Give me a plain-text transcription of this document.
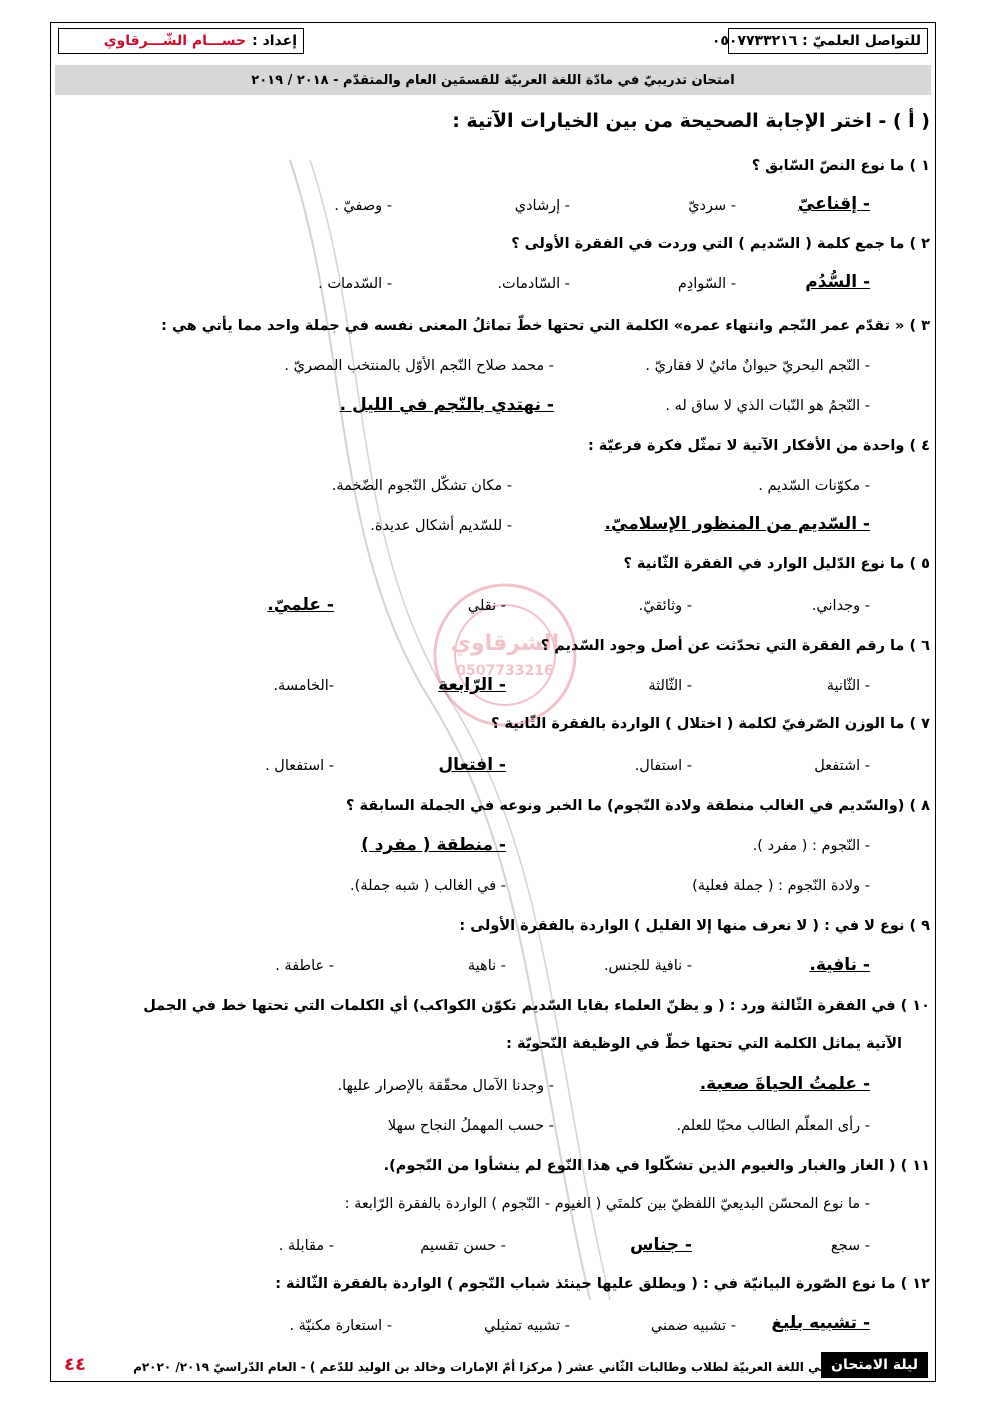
للتواصل العلميّ : ٠٥٠٧٧٣٣٢١٦
إعداد :
حســـام الشّـــرقاوي
امتحان تدريبيّ في مادّة اللغة العربيّة للقسمَين العام والمتقدّم - ٢٠١٨ / ٢٠١٩
( أ ) - اختر الإجابة الصحيحة من بين الخيارات الآتية :
الشرقاوي
0507733216
١ ) ما نوع النصّ السّابق ؟
- إقناعيّ
- سرديّ
- إرشادي
- وصفيّ .
٢ ) ما جمع كلمة ( السّديم ) التي وردت في الفقرة الأولى ؟
- السُّدُم
- السّوادِم
- السّادمات.
- السّدمات .
٣ ) « تقدّم عمر النّجم وانتهاء عمره» الكلمة التي تحتها خطّ تماثلُ المعنى نفسه في جملة واحد مما يأتي هي :
- النّجم البحريّ حيوانٌ مائيٌ لا فقاريّ .
- محمد صلاح النّجم الأوّل بالمنتخب المصريّ .
- النّجمُ هو النّبات الذي لا ساق له .
- نهتدي بالنّجم في الليل .
٤ ) واحدة من الأفكار الآتية لا تمثّل فكرة فرعيّة :
- مكوّنات السّديم .
- مكان تشكّل النّجوم الضّخمة.
- السّديم من المنظور الإسلاميّ.
- للسّديم أشكال عديدة.
٥ ) ما نوع الدّليل الوارد في الفقرة الثّانية ؟
- وجداني.
- وثائقيّ.
- نقلي
- علميّ.
٦ ) ما رقم الفقرة التي تحدّثت عن أصل وجود السّديم ؟
- الثّانية
- الثّالثة
- الرّابعة
-الخامسة.
٧ ) ما الوزن الصّرفيّ لكلمة ( اختلال ) الواردة بالفقرة الثّانية ؟
- اشتفعل
- استفال.
- افتعال
- استفعال .
٨ ) (والسّديم في الغالب منطقة ولادة النّجوم) ما الخبر ونوعه في الجملة السابقة ؟
- النّجوم : ( مفرد ).
- منطقة ( مفرد )
- ولادة النّجوم : ( جملة فعلية)
- في الغالب ( شبه جملة).
٩ ) نوع لا في : ( لا نعرف منها إلا القليل ) الواردة بالفقرة الأولى :
- نافية.
- نافية للجنس.
- ناهية
- عاطفة .
١٠ ) في الفقرة الثّالثة ورد : ( و يظنّ العلماء بقايا السّديم تكوّن الكواكب) أي الكلمات التي تحتها خط في الجمل
الآتية يماثل الكلمة التي تحتها خطّ في الوظيفة النّحويّة :
- علمتُ الحياةَ صعبة.
- وجدنا الآمال محقّقة بالإصرار عليها.
- رأى المعلّم الطالب محبّا للعلم.
- حسب المهملُ النجاح سهلا
١١ ) ( الغاز والغبار والغيوم الذين تشكّلوا في هذا النّوع لم ينشأوا من النّجوم).
- ما نوع المحسّن البديعيّ اللفظيّ بين كلمتَي ( الغيوم - النّجوم ) الواردة بالفقرة الرّابعة :
- سجع
- جناس
- حسن تقسيم
- مقابلة .
١٢ ) ما نوع الصّورة البيانيّة في : ( ويطلق عليها حينئذ شباب النّجوم ) الواردة بالفقرة الثّالثة :
- تشبيه بليغ
- تشبيه ضمني
- تشبيه تمثيلي
- استعارة مكنيّة .
ليلة الامتحان
في اللغة العربيّة لطلاب وطالبات الثّاني عشر ( مركزا أمّ الإمارات وخالد بن الوليد للدّعم ) - العام الدّراسيّ ٢٠١٩/ ٢٠٢٠م
٤٤
